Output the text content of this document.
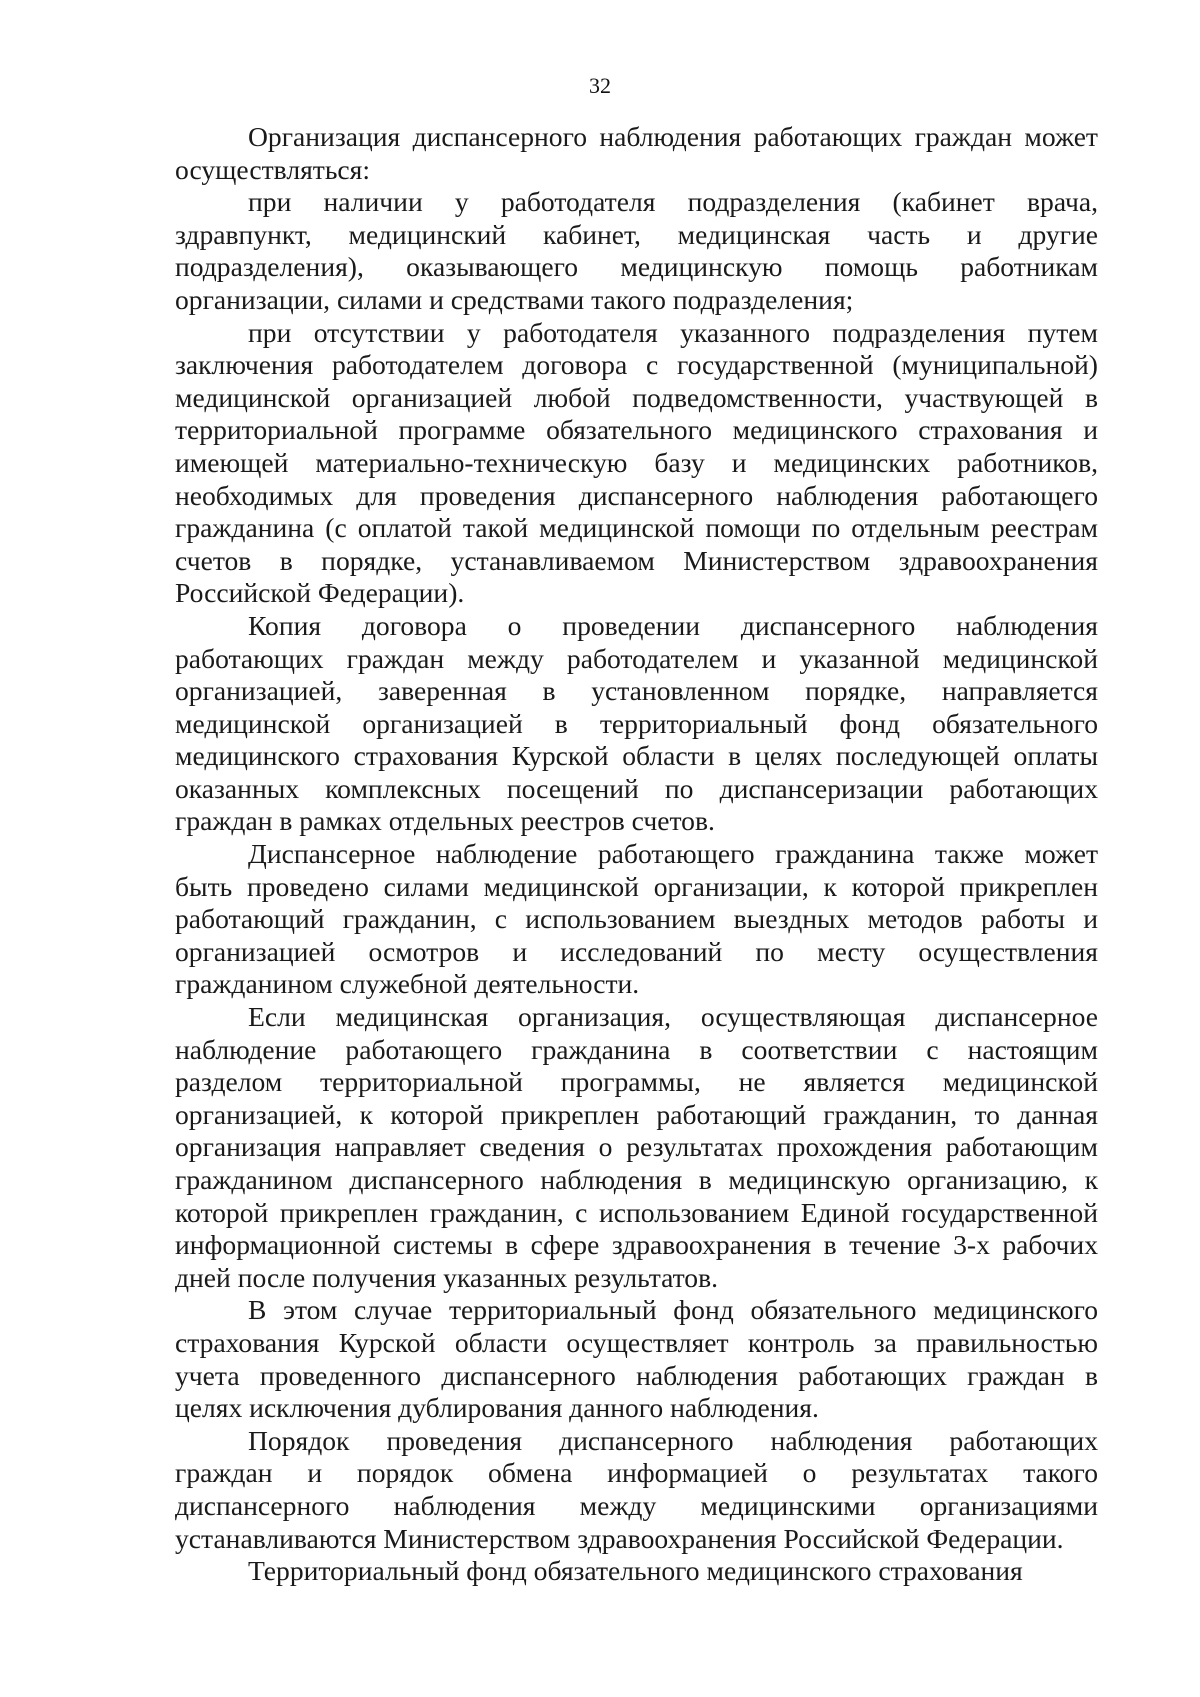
32
Организация диспансерного наблюдения работающих граждан может
осуществляться:
при наличии у работодателя подразделения (кабинет врача,
здравпункт, медицинский кабинет, медицинская часть и другие
подразделения), оказывающего медицинскую помощь работникам
организации, силами и средствами такого подразделения;
при отсутствии у работодателя указанного подразделения путем
заключения работодателем договора с государственной (муниципальной)
медицинской организацией любой подведомственности, участвующей в
территориальной программе обязательного медицинского страхования и
имеющей материально-техническую базу и медицинских работников,
необходимых для проведения диспансерного наблюдения работающего
гражданина (с оплатой такой медицинской помощи по отдельным реестрам
счетов в порядке, устанавливаемом Министерством здравоохранения
Российской Федерации).
Копия договора о проведении диспансерного наблюдения
работающих граждан между работодателем и указанной медицинской
организацией, заверенная в установленном порядке, направляется
медицинской организацией в территориальный фонд обязательного
медицинского страхования Курской области в целях последующей оплаты
оказанных комплексных посещений по диспансеризации работающих
граждан в рамках отдельных реестров счетов.
Диспансерное наблюдение работающего гражданина также может
быть проведено силами медицинской организации, к которой прикреплен
работающий гражданин, с использованием выездных методов работы и
организацией осмотров и исследований по месту осуществления
гражданином служебной деятельности.
Если медицинская организация, осуществляющая диспансерное
наблюдение работающего гражданина в соответствии с настоящим
разделом территориальной программы, не является медицинской
организацией, к которой прикреплен работающий гражданин, то данная
организация направляет сведения о результатах прохождения работающим
гражданином диспансерного наблюдения в медицинскую организацию, к
которой прикреплен гражданин, с использованием Единой государственной
информационной системы в сфере здравоохранения в течение 3-х рабочих
дней после получения указанных результатов.
В этом случае территориальный фонд обязательного медицинского
страхования Курской области осуществляет контроль за правильностью
учета проведенного диспансерного наблюдения работающих граждан в
целях исключения дублирования данного наблюдения.
Порядок проведения диспансерного наблюдения работающих
граждан и порядок обмена информацией о результатах такого
диспансерного наблюдения между медицинскими организациями
устанавливаются Министерством здравоохранения Российской Федерации.
Территориальный фонд обязательного медицинского страхования
